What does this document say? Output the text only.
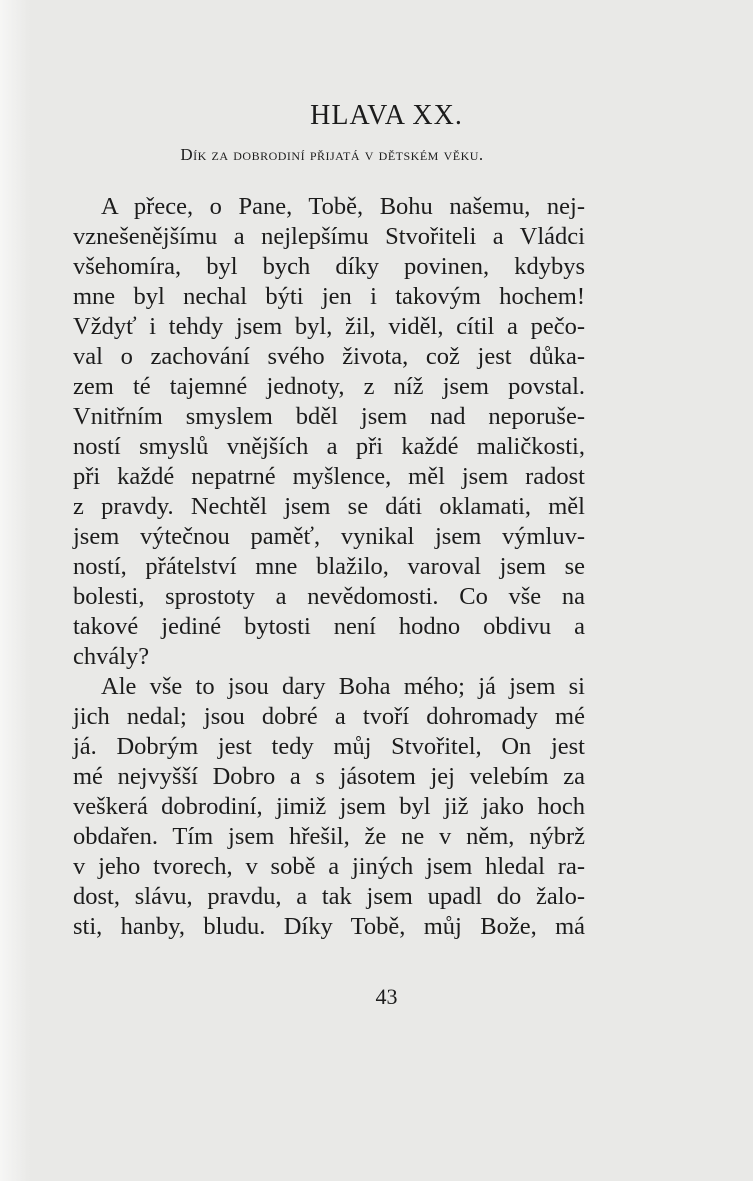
HLAVA XX.
Dík za dobrodiní přijatá v dětském věku.
A přece, o Pane, Tobě, Bohu našemu, nej-
vznešenějšímu a nejlepšímu Stvořiteli a Vládci
všehomíra, byl bych díky povinen, kdybys
mne byl nechal býti jen i takovým hochem!
Vždyť i tehdy jsem byl, žil, viděl, cítil a pečo-
val o zachování svého života, což jest důka-
zem té tajemné jednoty, z níž jsem povstal.
Vnitřním smyslem bděl jsem nad neporuše-
ností smyslů vnějších a při každé maličkosti,
při každé nepatrné myšlence, měl jsem radost
z pravdy. Nechtěl jsem se dáti oklamati, měl
jsem výtečnou paměť, vynikal jsem výmluv-
ností, přátelství mne blažilo, varoval jsem se
bolesti, sprostoty a nevědomosti. Co vše na
takové jediné bytosti není hodno obdivu a
chvály?
Ale vše to jsou dary Boha mého; já jsem si
jich nedal; jsou dobré a tvoří dohromady mé
já. Dobrým jest tedy můj Stvořitel, On jest
mé nejvyšší Dobro a s jásotem jej velebím za
veškerá dobrodiní, jimiž jsem byl již jako hoch
obdařen. Tím jsem hřešil, že ne v něm, nýbrž
v jeho tvorech, v sobě a jiných jsem hledal ra-
dost, slávu, pravdu, a tak jsem upadl do žalo-
sti, hanby, bludu. Díky Tobě, můj Bože, má
43
